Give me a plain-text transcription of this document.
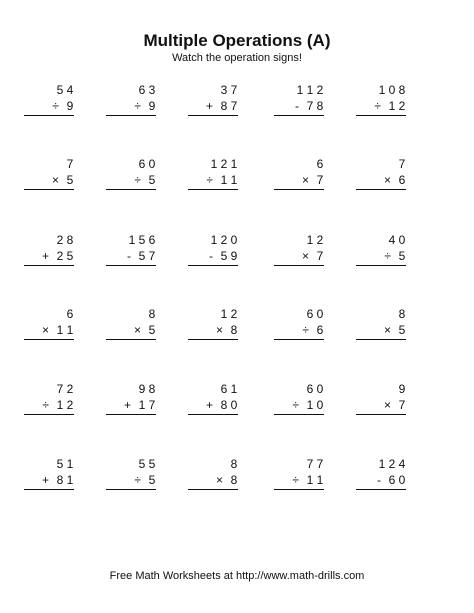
Multiple Operations (A)

Watch the operation signs!

5 4
÷ 9
6 3
÷ 9
3 7
+ 8 7
1 1 2
- 7 8
1 0 8
÷ 1 2
7
× 5
6 0
÷ 5
1 2 1
÷ 1 1
6
× 7
7
× 6
2 8
+ 2 5
1 5 6
- 5 7
1 2 0
- 5 9
1 2
× 7
4 0
÷ 5
6
× 1 1
8
× 5
1 2
× 8
6 0
÷ 6
8
× 5
7 2
÷ 1 2
9 8
+ 1 7
6 1
+ 8 0
6 0
÷ 1 0
9
× 7
5 1
+ 8 1
5 5
÷ 5
8
× 8
7 7
÷ 1 1
1 2 4
- 6 0

Free Math Worksheets at http://www.math-drills.com
